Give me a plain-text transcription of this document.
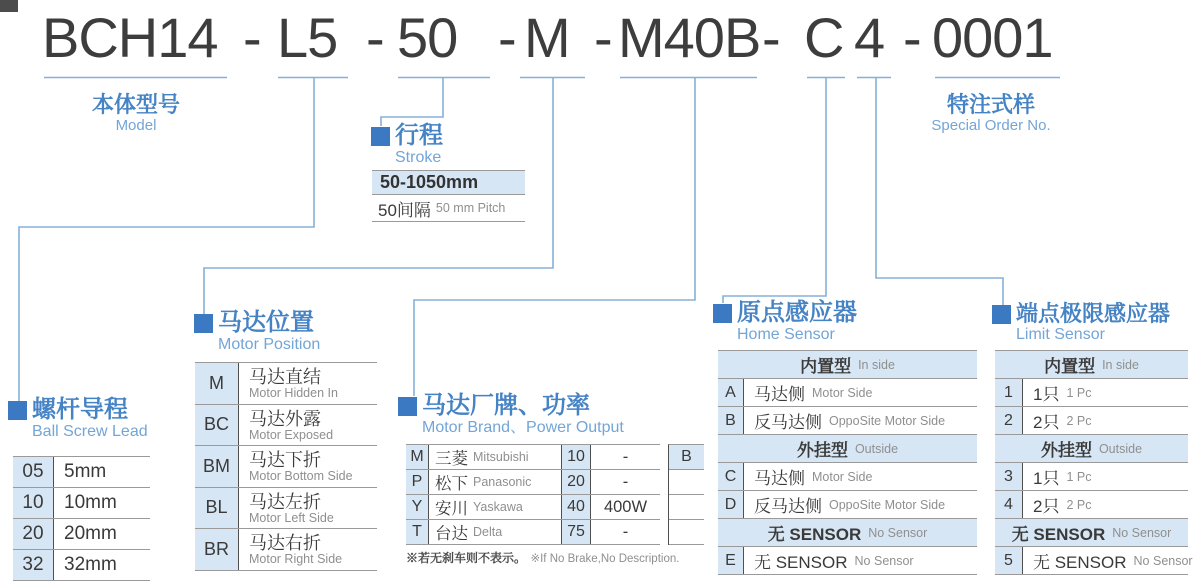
BCH14 - L5 - 50 - M - M40B - C 4 - 0001
本体型号
Model
特注式样
Special Order No.
行程
Stroke
50-1050mm
50间隔 50 mm Pitch
螺杆导程
Ball Screw Lead
05	5mm
10	10mm
20	20mm
32	32mm
马达位置
Motor Position
M	马达直结
Motor Hidden In
BC	马达外露
Motor Exposed
BM	马达下折
Motor Bottom Side
BL	马达左折
Motor Left Side
BR	马达右折
Motor Right Side
马达厂牌、功率
Motor Brand、Power Output
M 三菱 Mitsubishi	10	-
P 松下 Panasonic	20	-
Y 安川 Yaskawa	40	400W
T 台达 Delta	75	-
B
※若无刹车则不表示。 ※If No Brake,No Description.
原点感应器
Home Sensor
内置型 In side
A	马达侧 Motor Side
B	反马达侧 OppoSite Motor Side
外挂型 Outside
C	马达侧 Motor Side
D	反马达侧 OppoSite Motor Side
无 SENSOR No Sensor
E	无 SENSOR No Sensor
端点极限感应器
Limit Sensor
内置型 In side
1	1只 1 Pc
2	2只 2 Pc
外挂型 Outside
3	1只 1 Pc
4	2只 2 Pc
无 SENSOR No Sensor
5	无 SENSOR No Sensor
